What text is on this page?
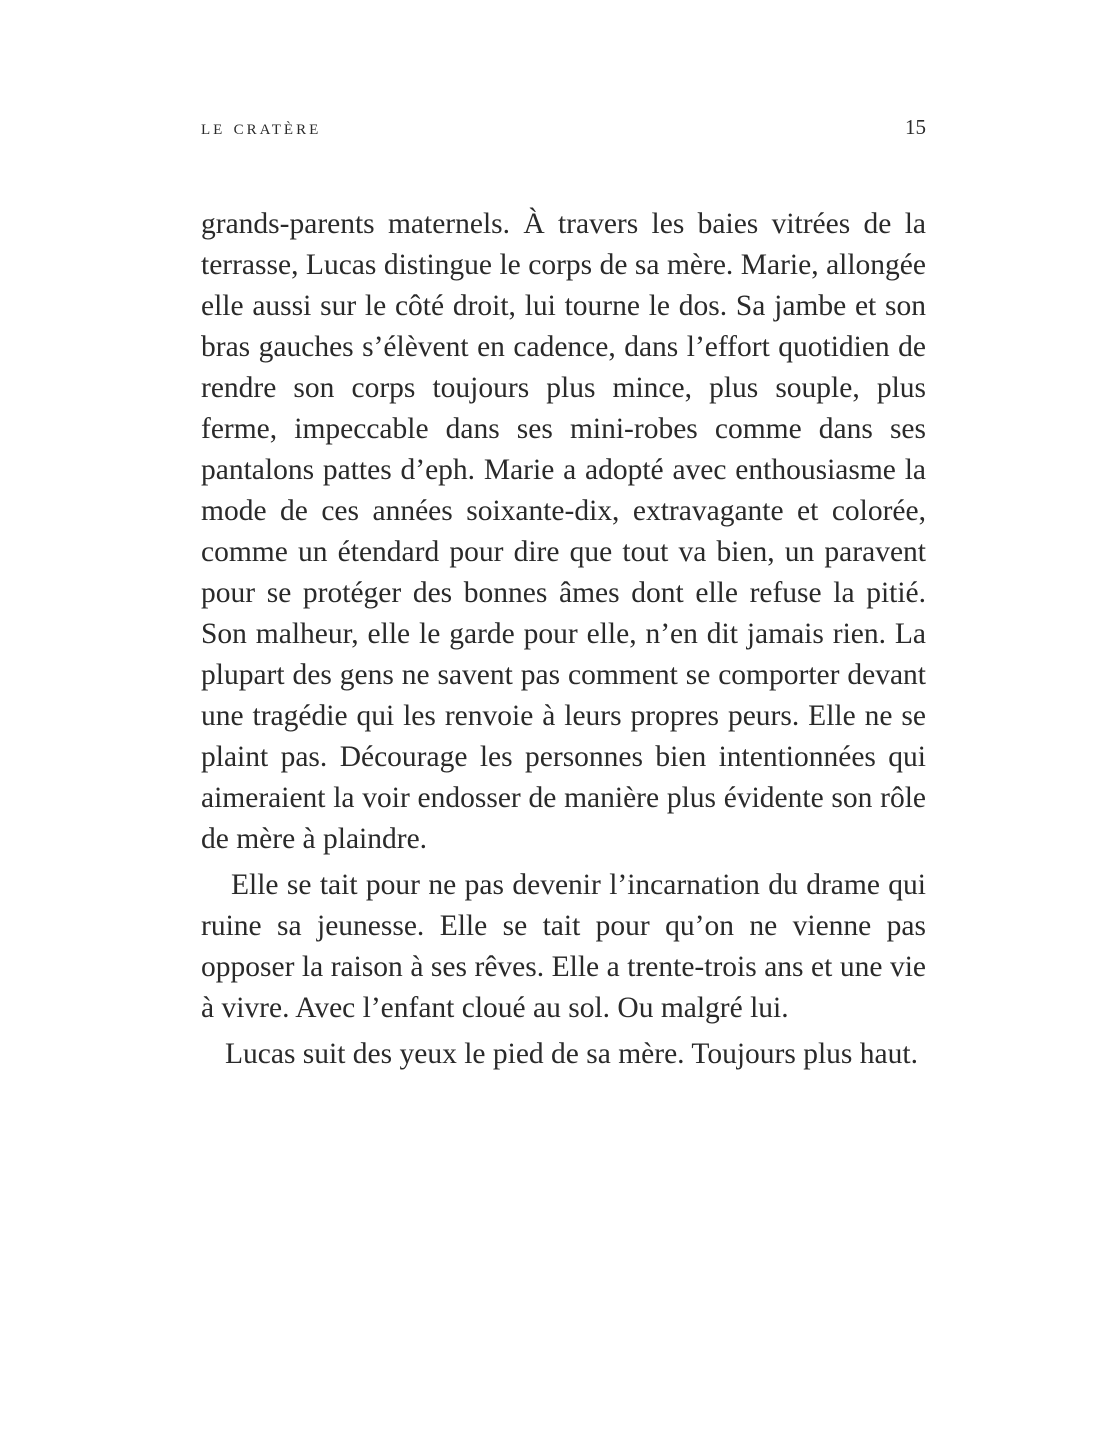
le cratère	15

grands-parents maternels. À travers les baies vitrées de la terrasse, Lucas distingue le corps de sa mère. Marie, allongée elle aussi sur le côté droit, lui tourne le dos. Sa jambe et son bras gauches s’élèvent en cadence, dans l’effort quotidien de rendre son corps toujours plus mince, plus souple, plus ferme, impeccable dans ses mini-robes comme dans ses pantalons pattes d’eph. Marie a adopté avec enthousiasme la mode de ces années soixante-dix, extravagante et colorée, comme un étendard pour dire que tout va bien, un paravent pour se protéger des bonnes âmes dont elle refuse la pitié. Son malheur, elle le garde pour elle, n’en dit jamais rien. La plupart des gens ne savent pas comment se comporter devant une tragédie qui les renvoie à leurs propres peurs. Elle ne se plaint pas. Décourage les personnes bien intentionnées qui aimeraient la voir endosser de manière plus évidente son rôle de mère à plaindre.

Elle se tait pour ne pas devenir l’incarnation du drame qui ruine sa jeunesse. Elle se tait pour qu’on ne vienne pas opposer la raison à ses rêves. Elle a trente-trois ans et une vie à vivre. Avec l’enfant cloué au sol. Ou malgré lui.

Lucas suit des yeux le pied de sa mère. Toujours plus haut.
